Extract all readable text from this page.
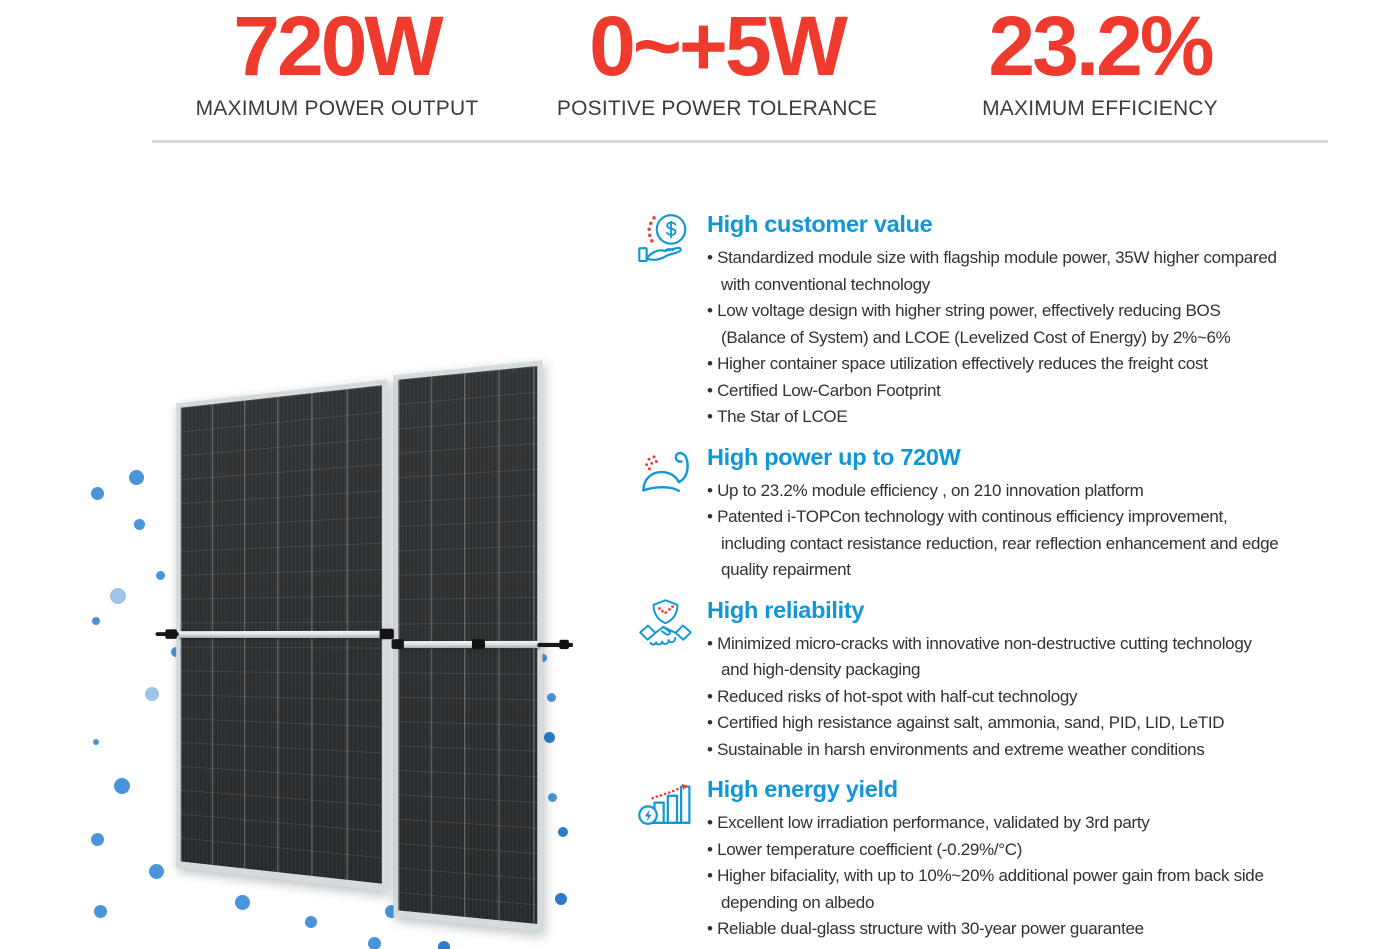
720W
MAXIMUM POWER OUTPUT
0~+5W
POSITIVE POWER TOLERANCE
23.2%
MAXIMUM EFFICIENCY
High customer value
• Standardized module size with flagship module power, 35W higher compared with conventional technology
• Low voltage design with higher string power, effectively reducing BOS (Balance of System) and LCOE (Levelized Cost of Energy) by 2%~6%
• Higher container space utilization effectively reduces the freight cost
• Certified Low-Carbon Footprint
• The Star of LCOE
High power up to 720W
• Up to 23.2% module efficiency , on 210 innovation platform
• Patented i-TOPCon technology with continous efficiency improvement, including contact resistance reduction, rear reflection enhancement and edge quality repairment
High reliability
• Minimized micro-cracks with innovative non-destructive cutting technology and high-density packaging
• Reduced risks of hot-spot with half-cut technology
• Certified high resistance against salt, ammonia, sand, PID, LID, LeTID
• Sustainable in harsh environments and extreme weather conditions
High energy yield
• Excellent low irradiation performance, validated by 3rd party
• Lower temperature coefficient (-0.29%/°C)
• Higher bifaciality, with up to 10%~20% additional power gain from back side depending on albedo
• Reliable dual-glass structure with 30-year power guarantee
